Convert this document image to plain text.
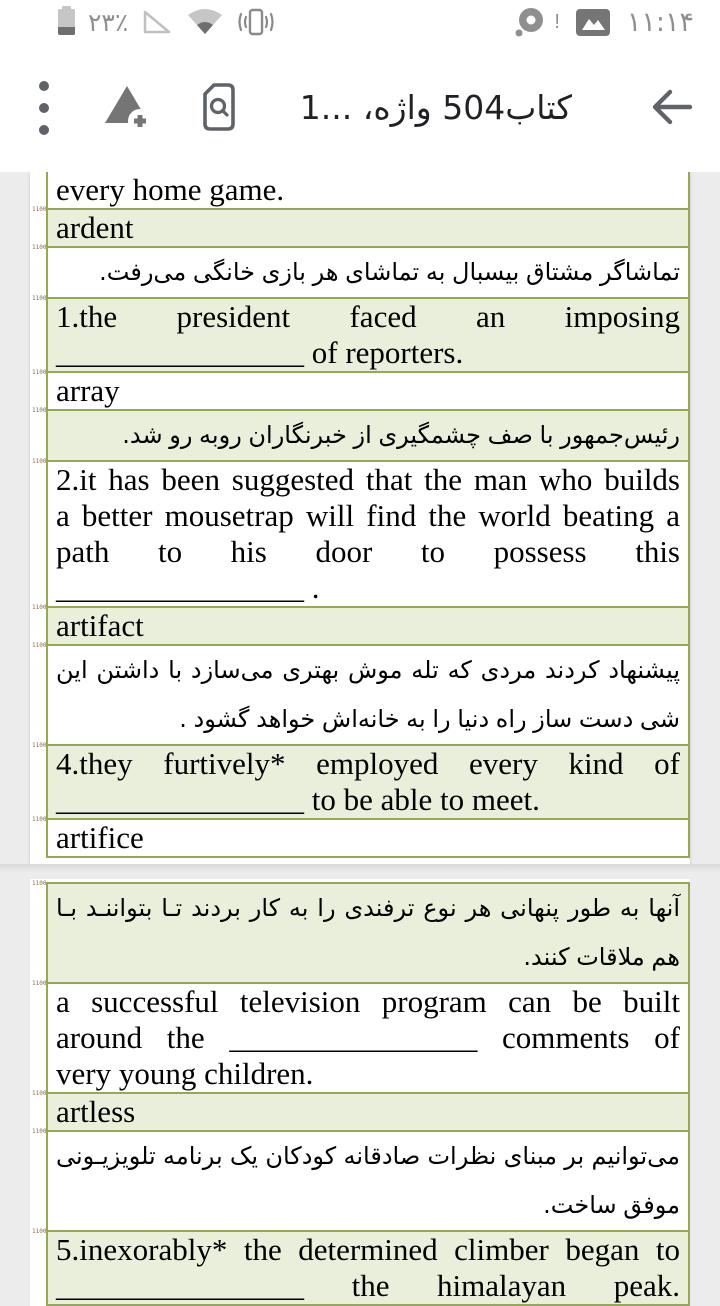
۲۳٪	! ۱۱:۱۴
کتاب504 واژه، ...1
every home game.
1100
ardent
1100
تماشاگر مشتاق بیسبال به تماشای هر بازی خانگی می‌رفت.
1100
1.the president faced an imposing
________________ of reporters.
1100
array
1100
رئیس‌جمهور با صف چشمگیری از خبرنگاران روبه رو شد.
1100
2.it has been suggested that the man who builds
a better mousetrap will find the world beating a
path to his door to possess this
________________ .
1100
artifact
1100
پیشنهاد کردند مردی که تله موش بهتری می‌سازد با داشتن این
شی دست ساز راه دنیا را به خانه‌اش خواهد گشود .
1100
4.they furtively* employed every kind of
________________ to be able to meet.
1100
artifice
1100
آنها به طور پنهانی هر نوع ترفندی را به کار بردند تـا بتواننـد بـا
هم ملاقات کنند.
1100
a successful television program can be built
around the ________________ comments of
very young children.
1100
artless
1100
می‌توانیم بر مبنای نظرات صادقانه کودکان یک برنامه تلویزیـونی
موفق ساخت.
1100
5.inexorably* the determined climber began to
________________ the himalayan peak.
